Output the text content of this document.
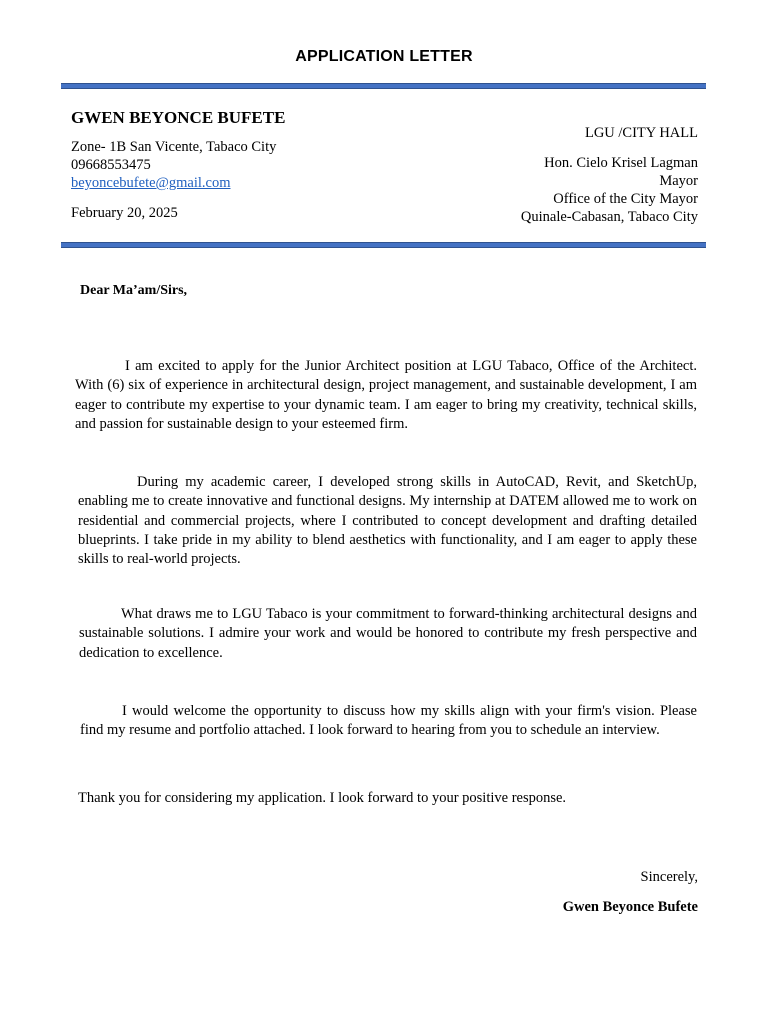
APPLICATION LETTER
GWEN BEYONCE BUFETE
Zone- 1B San Vicente, Tabaco City
09668553475
beyoncebufete@gmail.com
February 20, 2025
LGU /CITY HALL
Hon. Cielo Krisel Lagman
Mayor
Office of the City Mayor
Quinale-Cabasan, Tabaco City
Dear Ma’am/Sirs,

I am excited to apply for the Junior Architect position at LGU Tabaco, Office of the Architect. With (6) six of experience in architectural design, project management, and sustainable development, I am eager to contribute my expertise to your dynamic team. I am eager to bring my creativity, technical skills, and passion for sustainable design to your esteemed firm.

During my academic career, I developed strong skills in AutoCAD, Revit, and SketchUp, enabling me to create innovative and functional designs. My internship at DATEM allowed me to work on residential and commercial projects, where I contributed to concept development and drafting detailed blueprints. I take pride in my ability to blend aesthetics with functionality, and I am eager to apply these skills to real-world projects.

What draws me to LGU Tabaco is your commitment to forward-thinking architectural designs and sustainable solutions. I admire your work and would be honored to contribute my fresh perspective and dedication to excellence.

I would welcome the opportunity to discuss how my skills align with your firm's vision. Please find my resume and portfolio attached. I look forward to hearing from you to schedule an interview.

Thank you for considering my application. I look forward to your positive response.

Sincerely,
Gwen Beyonce Bufete
